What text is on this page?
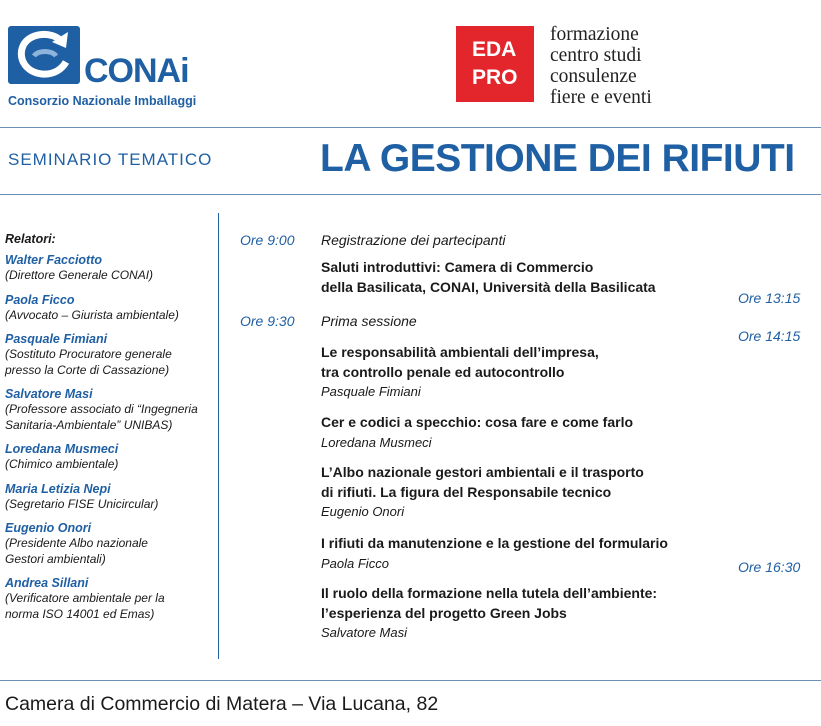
CONAi
Consorzio Nazionale Imballaggi
EDA
PRO
formazione
centro studi
consulenze
fiere e eventi
SEMINARIO TEMATICO	LA GESTIONE DEI RIFIUTI
Relatori:
Walter Facciotto
(Direttore Generale CONAI)
Paola Ficco
(Avvocato – Giurista ambientale)
Pasquale Fimiani
(Sostituto Procuratore generale presso la Corte di Cassazione)
Salvatore Masi
(Professore associato di “Ingegneria Sanitaria-Ambientale” UNIBAS)
Loredana Musmeci
(Chimico ambientale)
Maria Letizia Nepi
(Segretario FISE Unicircular)
Eugenio Onori
(Presidente Albo nazionale Gestori ambientali)
Andrea Sillani
(Verificatore ambientale per la norma ISO 14001 ed Emas)
Ore 9:00
Ore 9:30
Ore 13:15
Ore 14:15
Ore 16:30
Registrazione dei partecipanti
Saluti introduttivi: Camera di Commercio
della Basilicata, CONAI, Università della Basilicata
Prima sessione
Le responsabilità ambientali dell’impresa,
tra controllo penale ed autocontrollo
Pasquale Fimiani
Cer e codici a specchio: cosa fare e come farlo
Loredana Musmeci
L’Albo nazionale gestori ambientali e il trasporto
di rifiuti. La figura del Responsabile tecnico
Eugenio Onori
I rifiuti da manutenzione e la gestione del formulario
Paola Ficco
Il ruolo della formazione nella tutela dell’ambiente:
l’esperienza del progetto Green Jobs
Salvatore Masi
Camera di Commercio di Matera – Via Lucana, 82
